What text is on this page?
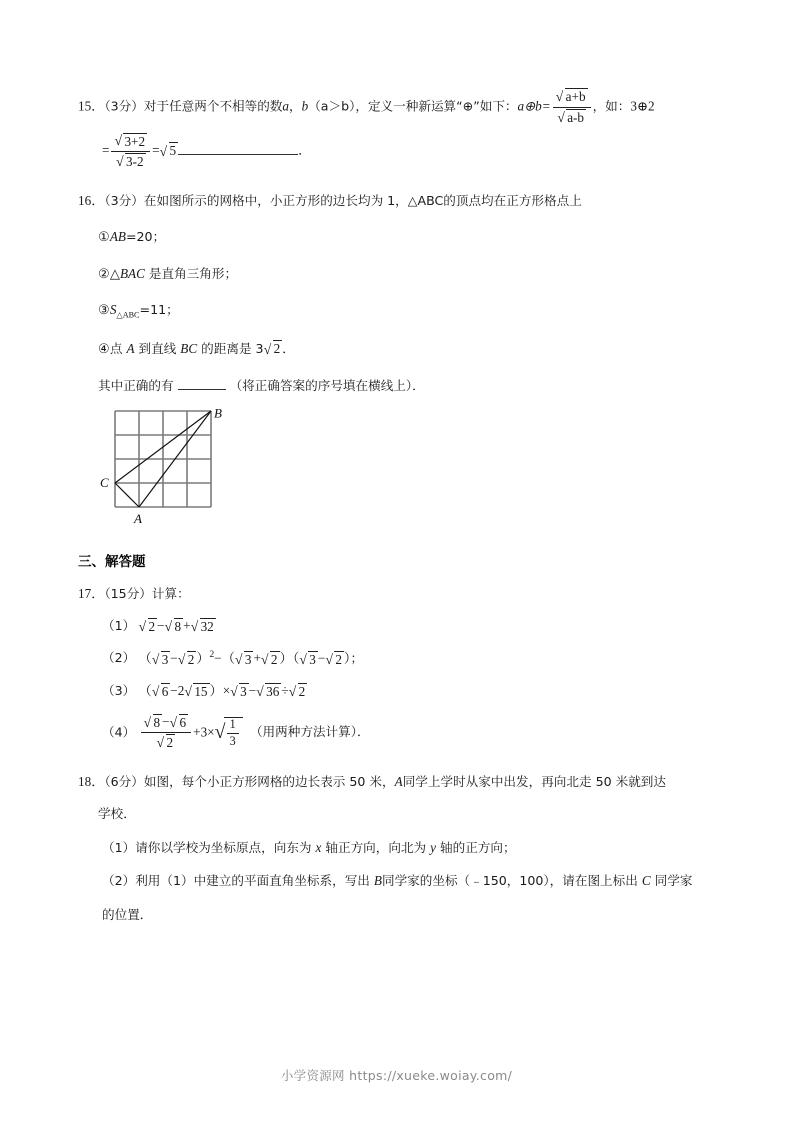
15．（3分）对于任意两个不相等的数a，b（a＞b），定义一种新运算“⊕”如下：a⊕b= $\frac{√ a+b}{√ a-b}$ ，如：3⊕2
= $\frac{√ 3+2}{√ 3-2}$ = √ 5	．
16．（3分）在如图所示的网格中，小正方形的边长均为 1，△ABC的顶点均在正方形格点上
①AB=20；
②△BAC 是直角三角形；
$③S_{\triangle ABC}=11$；
④点 A 到直线 BC 的距离是 3 √ 2 ．
其中正确的有	（将正确答案的序号填在横线上）．
B
C
A
三、解答题
17．（15分）计算：
（1） √ 2 − √ 8 + √ 32
（2） （ √ 3 − √ 2 ）$^2$−（ √ 3 + √ 2 ）（ √ 3 − √ 2 ）；
（3） （ √ 6 −2 √ 15 ）× √ 3 − √ 36 ÷ √ 2
$(4) \frac{√ 8 - √ 6}{√ 2} +3\times$ √ $\frac{1}{3}$ （用两种方法计算）．
18．（6分）如图，每个小正方形网格的边长表示 50 米，A同学上学时从家中出发，再向北走 50 米就到达
学校．
（1）请你以学校为坐标原点，向东为 x 轴正方向，向北为 y 轴的正方向；
（2）利用（1）中建立的平面直角坐标系，写出 B同学家的坐标（﹣150，100），请在图上标出 C 同学家
的位置．
小学资源网 https://xueke.woiay.com/
